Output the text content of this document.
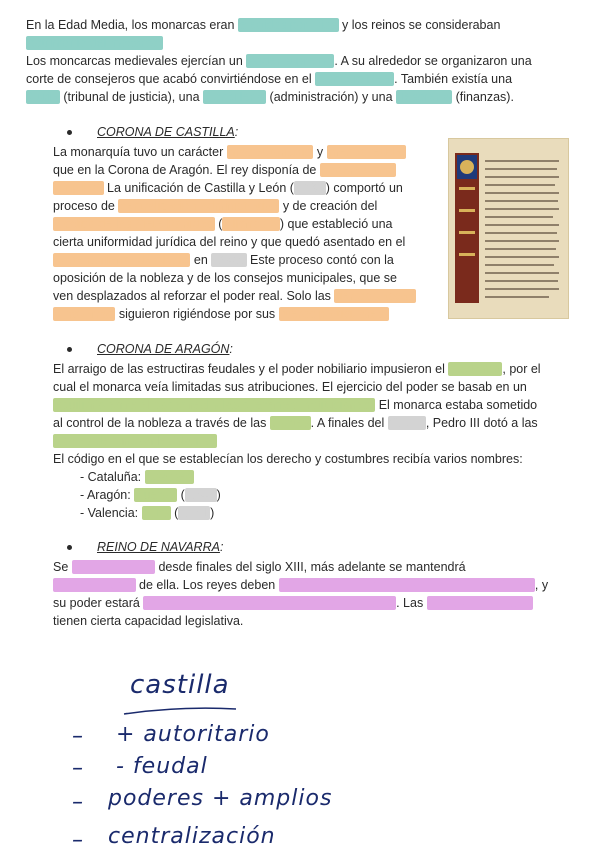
En la Edad Media, los monarcas eran elegidos por Dios y los reinos se consideraban
patrimonio del mocarca.
Los moncarcas medievales ejercían un poder supremo . A su alrededor se organizaron una
corte de consejeros que acabó convirtiéndose en el Consejo Real . También existía una
Curia (tribunal de justicia), una Cancillería (administración) y una Tesorería (finanzas).
CORONA DE CASTILLA:
La monarquía tuvo un carácter más autoritario y menos feudal
que en la Corona de Aragón. El rey disponía de poderes más
amplios. La unificación de Castilla y León ( 1230 ) comportó un
proceso de centralización administrativa y de creación del
Código de las Siete Partidas ( Alfonso X ) que estableció una
cierta uniformidad jurídica del reino y que quedó asentado en el
Ordenamiento de Alcalá en 1348. Este proceso contó con la
oposición de la nobleza y de los consejos municipales, que se
ven desplazados al reforzar el poder real. Solo las tierras vascas
y navarras siguieron rigiéndose por sus fueros particulares.
CORONA DE ARAGÓN:
El arraigo de las estructiras feudales y el poder nobiliario impusieron el pactismo , por el
cual el monarca veía limitadas sus atribuciones. El ejercicio del poder se basab en un
equilibrio entre el poder real y las diferentes instituciones. El monarca estaba sometido
al control de la nobleza a través de las Cortes . A finales del S. XIII , Pedro III dotó a las
Cortes de función legislativa.
El código en el que se establecían los derecho y costumbres recibía varios nombres:
- Cataluña: Usatges
- Aragón: Fueros ( 1247 )
- Valencia: Furs ( 1261 )
REINO DE NAVARRA:
Se unió a Francia desde finales del siglo XIII, más adelante se mantendrá
independiente de ella. Los reyes deben respetar los fueros y colaborar con las Cortes , y
su poder estará limitado por el poder de los señores feudales . Las Cortes de Navarra
tienen cierta capacidad legislativa.
castilla
– + autoritario
– - feudal
– poderes + amplios
– centralización
